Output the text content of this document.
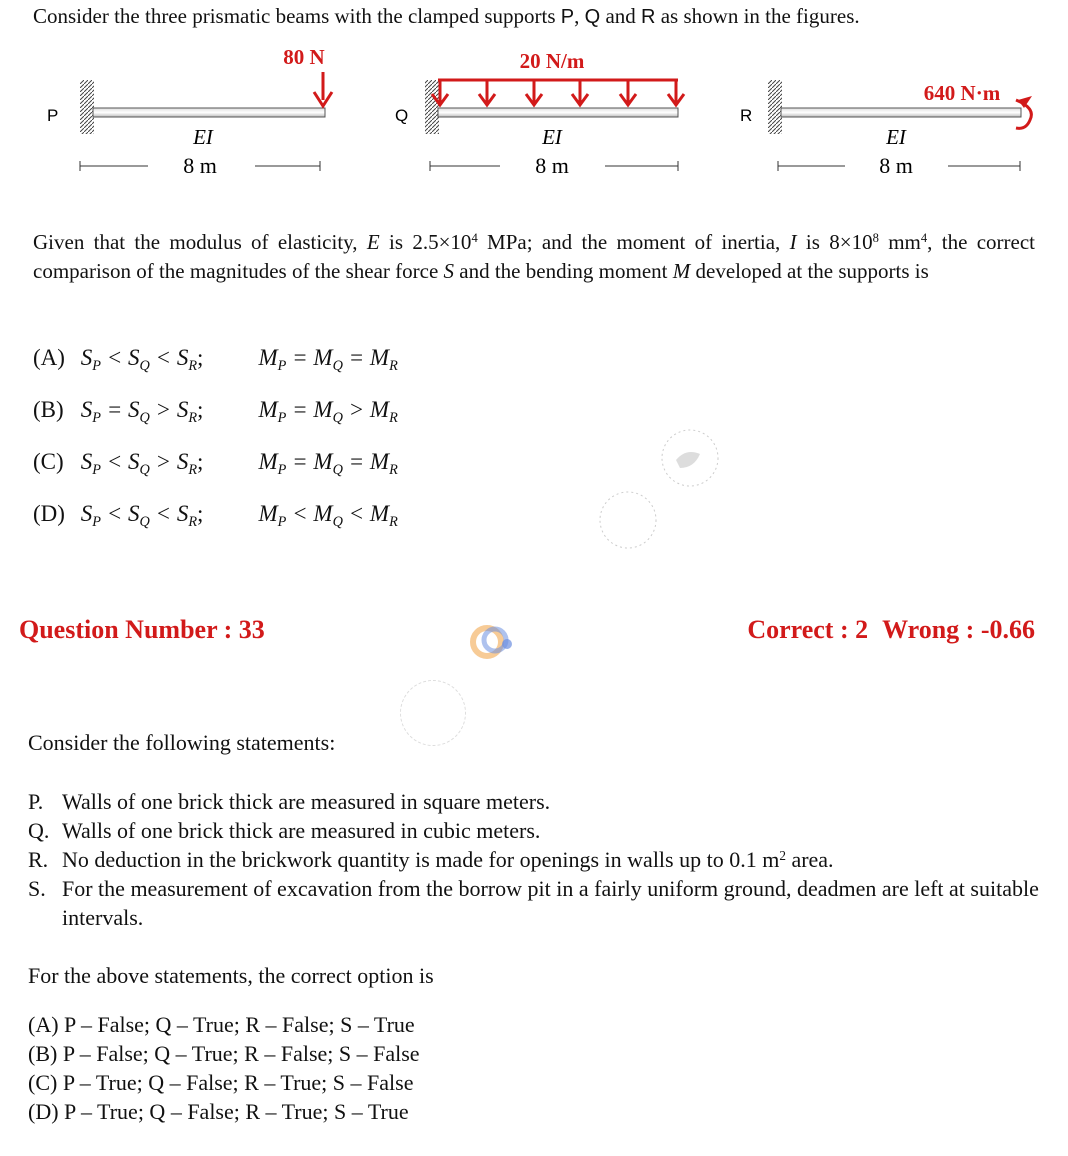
Consider the three prismatic beams with the clamped supports P, Q and R as shown in the figures.
P
80 N
EI
8 m
Q
20 N/m
EI
8 m
R
640 N·m
EI
8 m
Given that the modulus of elasticity, E is $2.5\times 10^4$ MPa; and the moment of inertia, I is $8\times 10^8$ $mm^4$, the correct comparison of the magnitudes of the shear force S and the bending moment M developed at the supports is
(A) $S_P < S_Q < S_R$; $M_P = M_Q = M_R$
(B) $S_P = S_Q > S_R$; $M_P = M_Q > M_R$
(C) $S_P < S_Q > S_R$; $M_P = M_Q = M_R$
(D) $S_P < S_Q < S_R$; $M_P < M_Q < M_R$
Question Number : 33	Correct : 2 Wrong : -0.66
Consider the following statements:
P. Walls of one brick thick are measured in square meters.
Q. Walls of one brick thick are measured in cubic meters.
R. No deduction in the brickwork quantity is made for openings in walls up to 0.1 $m^2$ area.
S. For the measurement of excavation from the borrow pit in a fairly uniform ground, deadmen are left at suitable intervals.
For the above statements, the correct option is
(A) P – False; Q – True; R – False; S – True
(B) P – False; Q – True; R – False; S – False
(C) P – True; Q – False; R – True; S – False
(D) P – True; Q – False; R – True; S – True
